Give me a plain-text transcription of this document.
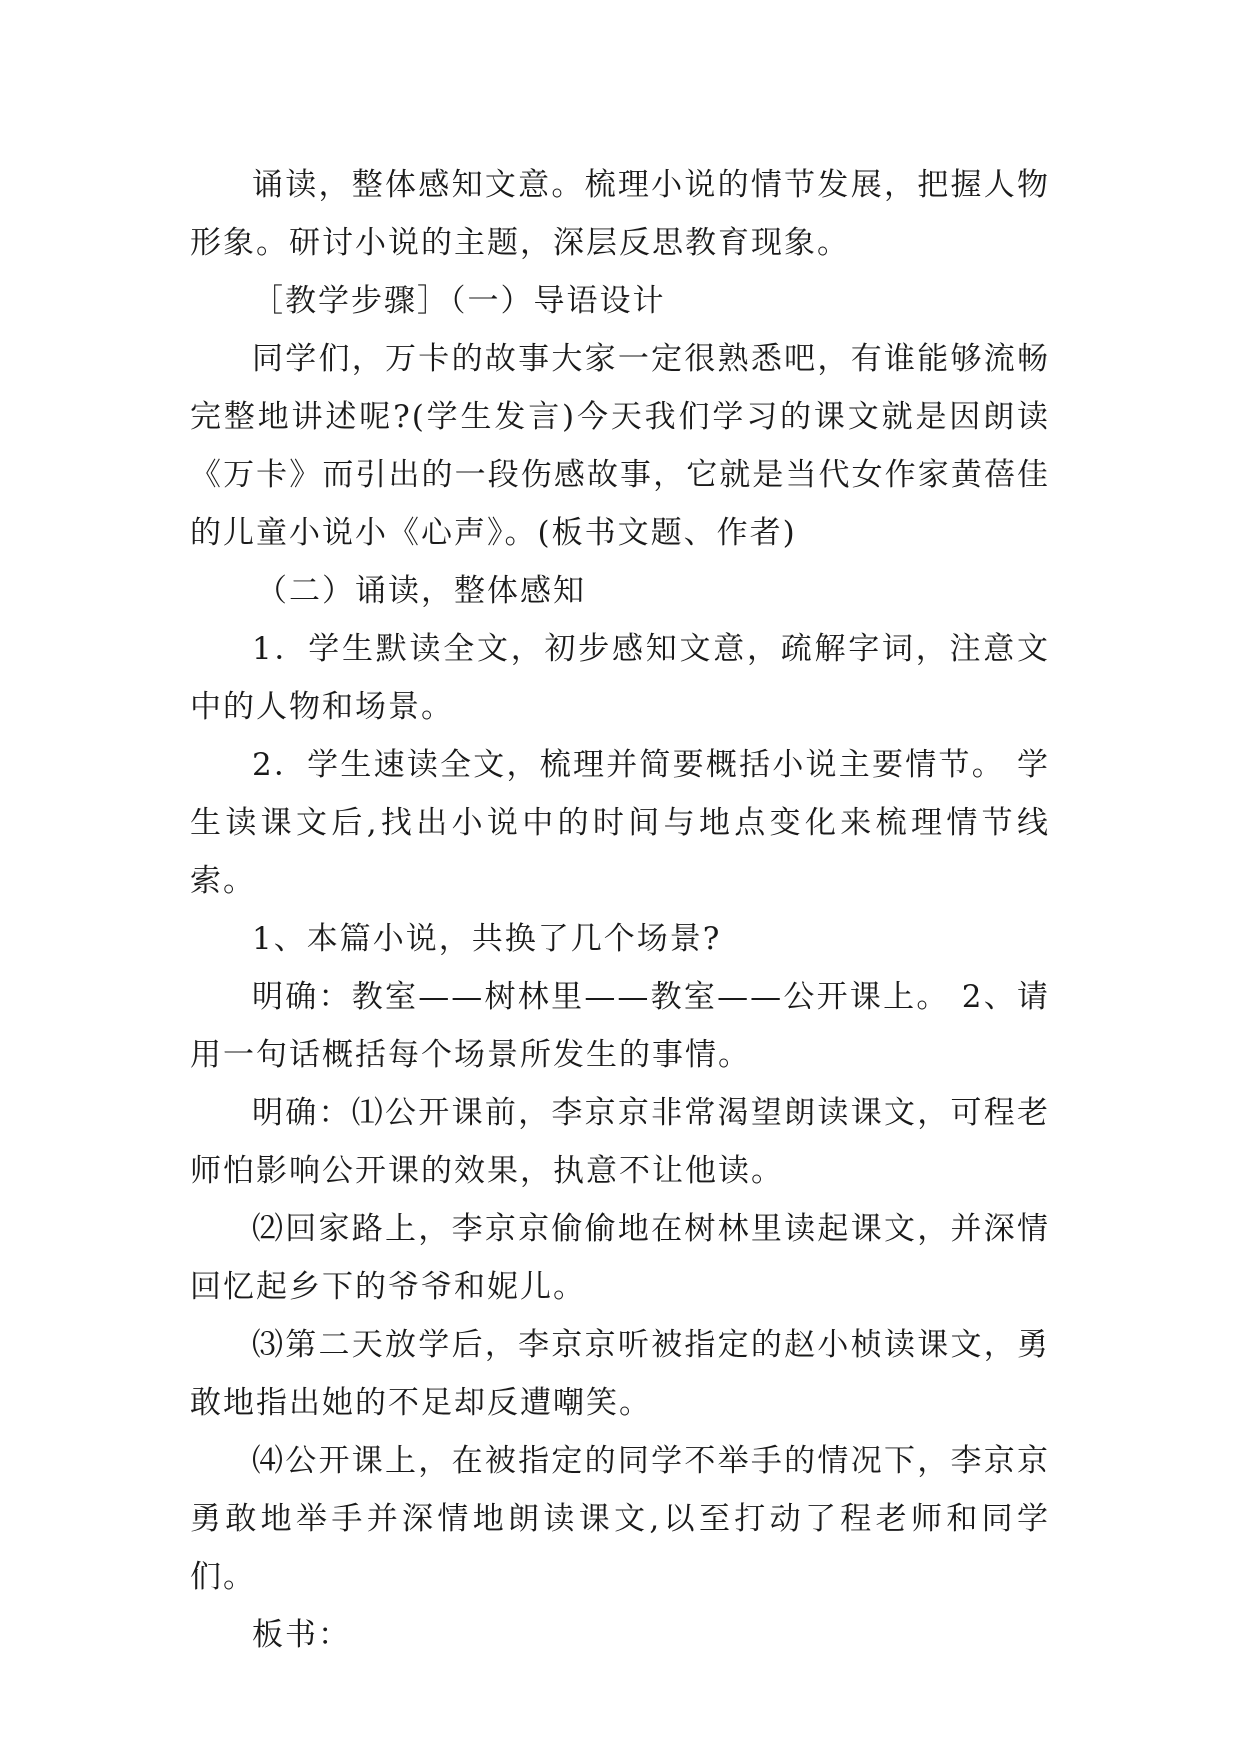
诵读，整体感知文意。梳理小说的情节发展，把握人物形象。研讨小说的主题，深层反思教育现象。

［教学步骤］（一）导语设计

同学们，万卡的故事大家一定很熟悉吧，有谁能够流畅完整地讲述呢?(学生发言)今天我们学习的课文就是因朗读《万卡》而引出的一段伤感故事，它就是当代女作家黄蓓佳的儿童小说小《心声》。(板书文题、作者)

（二）诵读，整体感知

1．学生默读全文，初步感知文意，疏解字词，注意文中的人物和场景。

2．学生速读全文，梳理并简要概括小说主要情节。 学生读课文后,找出小说中的时间与地点变化来梳理情节线索。

1、本篇小说，共换了几个场景?

明确：教室——树林里——教室——公开课上。 2、请用一句话概括每个场景所发生的事情。

明确：⑴公开课前，李京京非常渴望朗读课文，可程老师怕影响公开课的效果，执意不让他读。

⑵回家路上，李京京偷偷地在树林里读起课文，并深情回忆起乡下的爷爷和妮儿。

⑶第二天放学后，李京京听被指定的赵小桢读课文，勇敢地指出她的不足却反遭嘲笑。

⑷公开课上，在被指定的同学不举手的情况下，李京京勇敢地举手并深情地朗读课文,以至打动了程老师和同学们。

板书：
